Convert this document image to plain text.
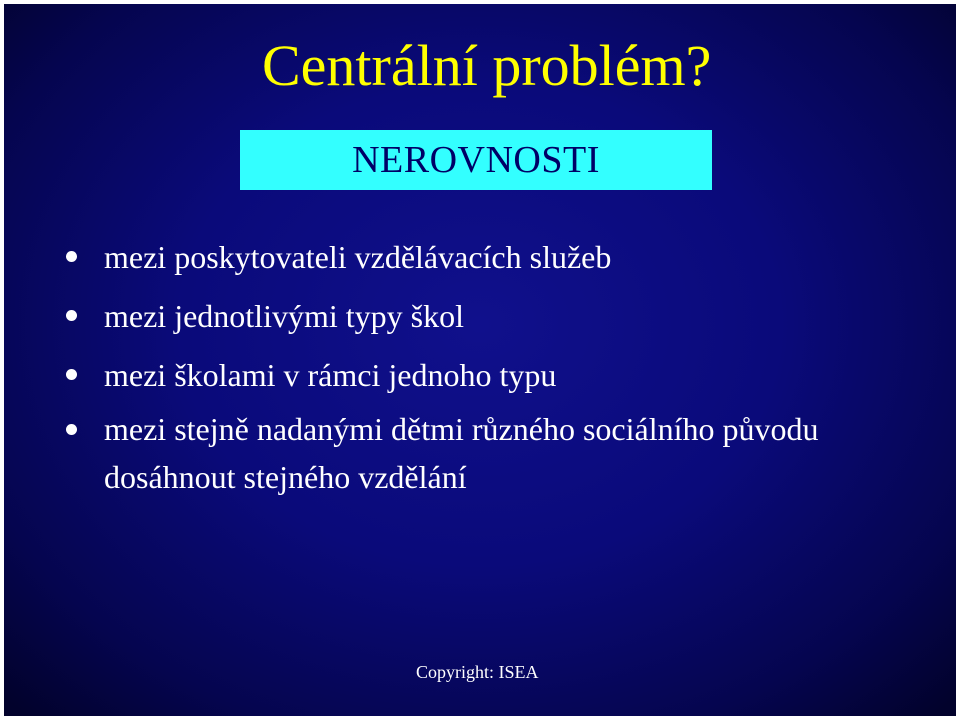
Centrální problém?
NEROVNOSTI
mezi poskytovateli vzdělávacích služeb
mezi jednotlivými typy škol
mezi školami v rámci jednoho typu
mezi stejně nadanými dětmi různého sociálního původu dosáhnout stejného vzdělání
Copyright: ISEA
